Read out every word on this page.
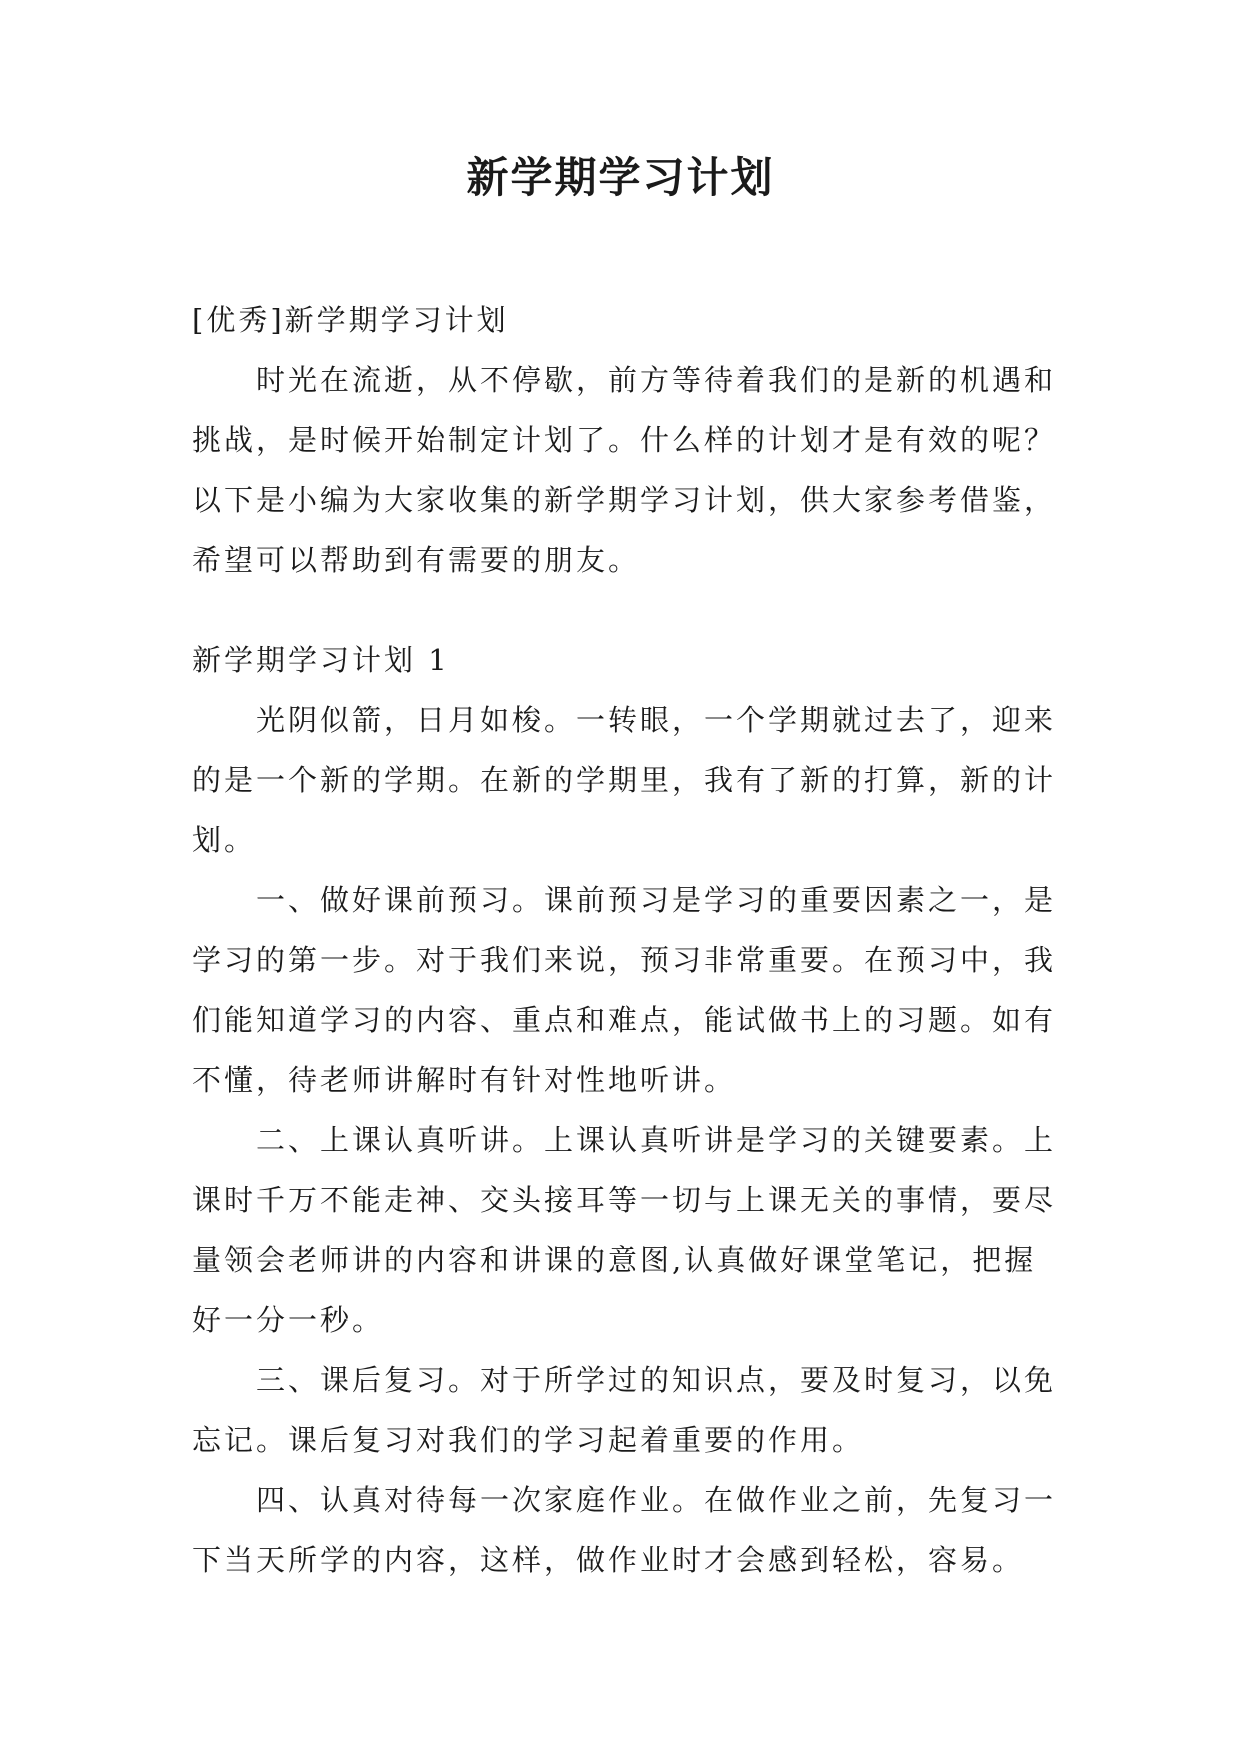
新学期学习计划

[优秀]新学期学习计划

时光在流逝，从不停歇，前方等待着我们的是新的机遇和挑战，是时候开始制定计划了。什么样的计划才是有效的呢？以下是小编为大家收集的新学期学习计划，供大家参考借鉴，希望可以帮助到有需要的朋友。

新学期学习计划 1

光阴似箭，日月如梭。一转眼，一个学期就过去了，迎来的是一个新的学期。在新的学期里，我有了新的打算，新的计划。

一、做好课前预习。课前预习是学习的重要因素之一，是学习的第一步。对于我们来说，预习非常重要。在预习中，我们能知道学习的内容、重点和难点，能试做书上的习题。如有不懂，待老师讲解时有针对性地听讲。

二、上课认真听讲。上课认真听讲是学习的关键要素。上课时千万不能走神、交头接耳等一切与上课无关的事情，要尽量领会老师讲的内容和讲课的意图,认真做好课堂笔记，把握好一分一秒。

三、课后复习。对于所学过的知识点，要及时复习，以免忘记。课后复习对我们的学习起着重要的作用。

四、认真对待每一次家庭作业。在做作业之前，先复习一下当天所学的内容，这样，做作业时才会感到轻松，容易。
